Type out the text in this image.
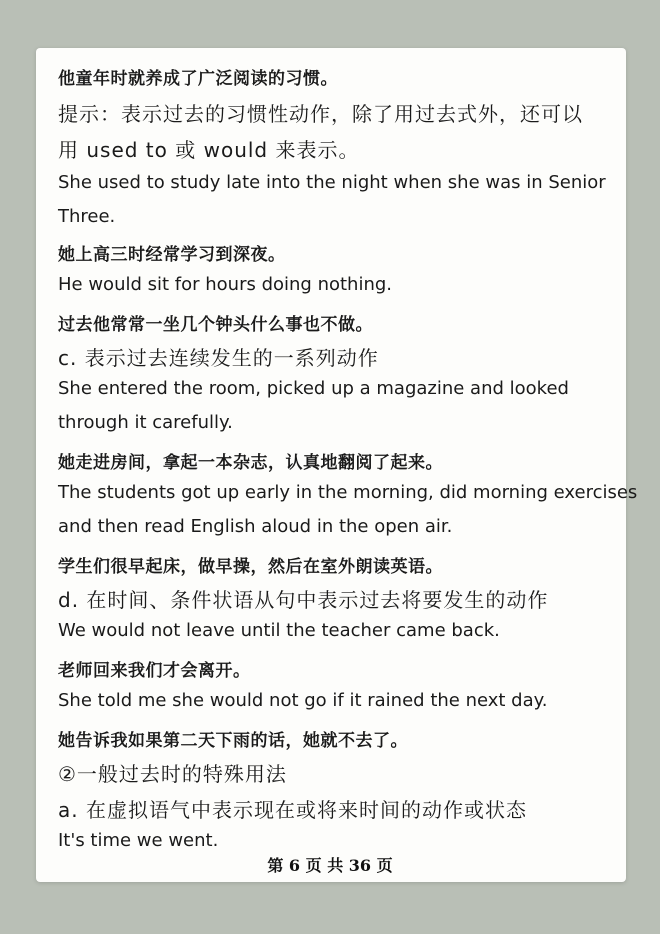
他童年时就养成了广泛阅读的习惯。
提示：表示过去的习惯性动作，除了用过去式外，还可以
用 used to 或 would 来表示。
She used to study late into the night when she was in Senior
Three.
她上高三时经常学习到深夜。
He would sit for hours doing nothing.
过去他常常一坐几个钟头什么事也不做。
c. 表示过去连续发生的一系列动作
She entered the room, picked up a magazine and looked
through it carefully.
她走进房间，拿起一本杂志，认真地翻阅了起来。
The students got up early in the morning, did morning exercises
and then read English aloud in the open air.
学生们很早起床，做早操，然后在室外朗读英语。
d. 在时间、条件状语从句中表示过去将要发生的动作
We would not leave until the teacher came back.
老师回来我们才会离开。
She told me she would not go if it rained the next day.
她告诉我如果第二天下雨的话，她就不去了。
②一般过去时的特殊用法
a. 在虚拟语气中表示现在或将来时间的动作或状态
It's time we went.
第 6 页 共 36 页
